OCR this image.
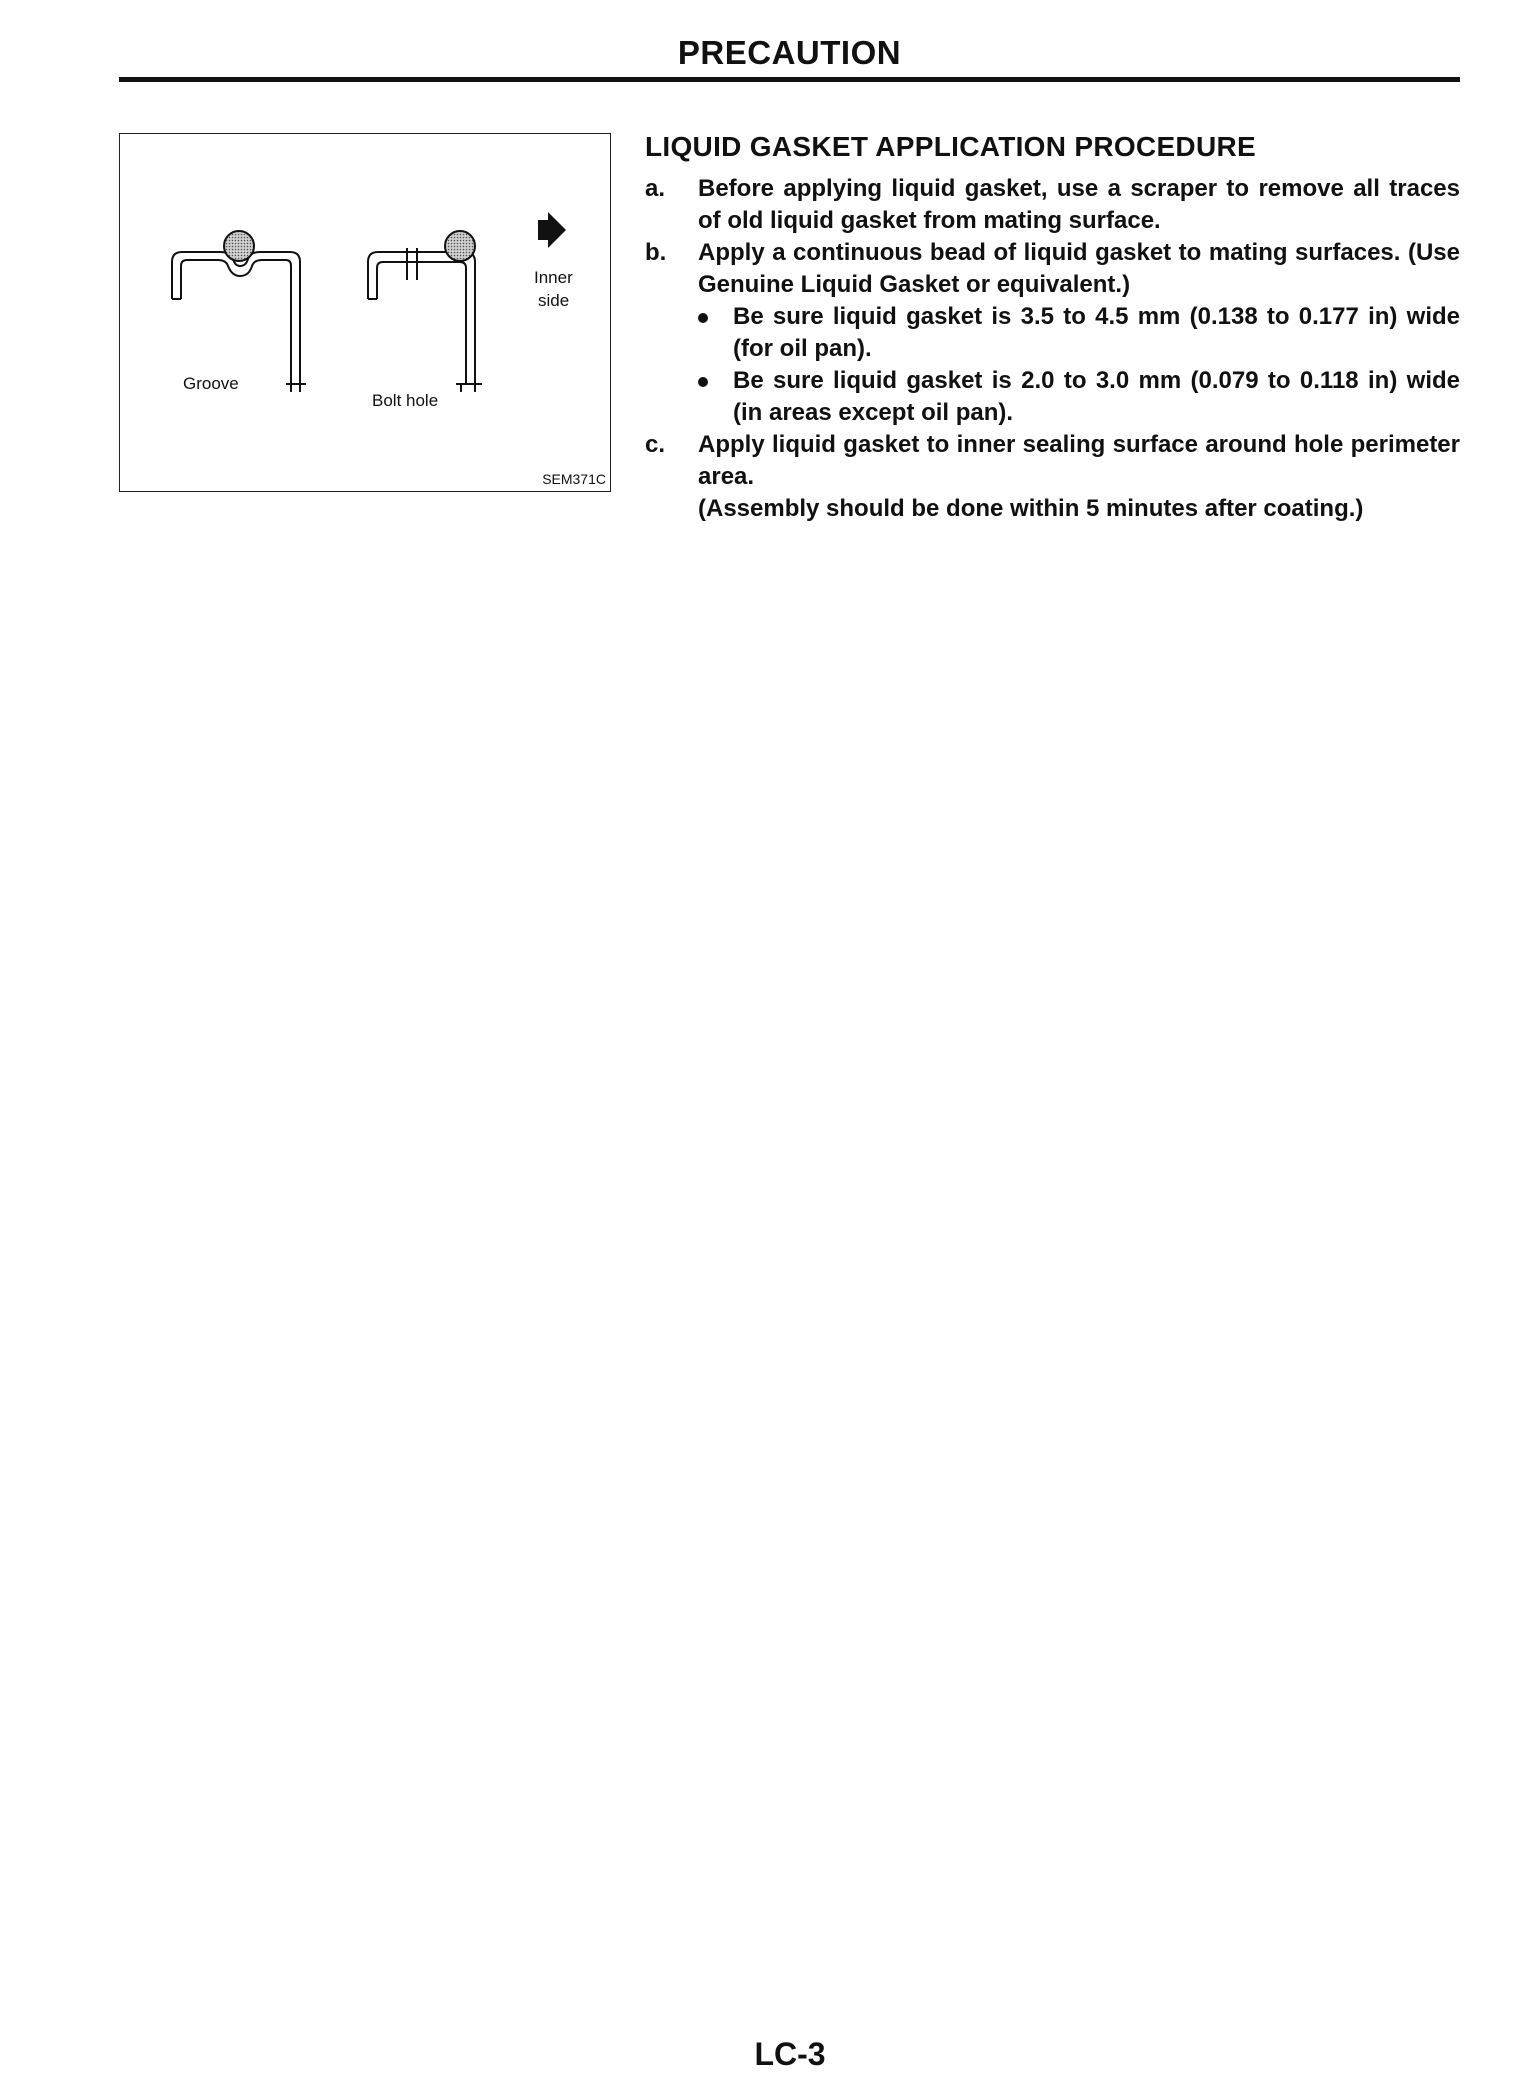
PRECAUTION
Groove
Bolt hole
Inner
side
SEM371C
LIQUID GASKET APPLICATION PROCEDURE
a. Before applying liquid gasket, use a scraper to remove all traces of old liquid gasket from mating surface.
b. Apply a continuous bead of liquid gasket to mating surfaces. (Use Genuine Liquid Gasket or equivalent.)
Be sure liquid gasket is 3.5 to 4.5 mm (0.138 to 0.177 in) wide (for oil pan).
Be sure liquid gasket is 2.0 to 3.0 mm (0.079 to 0.118 in) wide (in areas except oil pan).
c. Apply liquid gasket to inner sealing surface around hole perimeter area.
(Assembly should be done within 5 minutes after coating.)
LC-3
